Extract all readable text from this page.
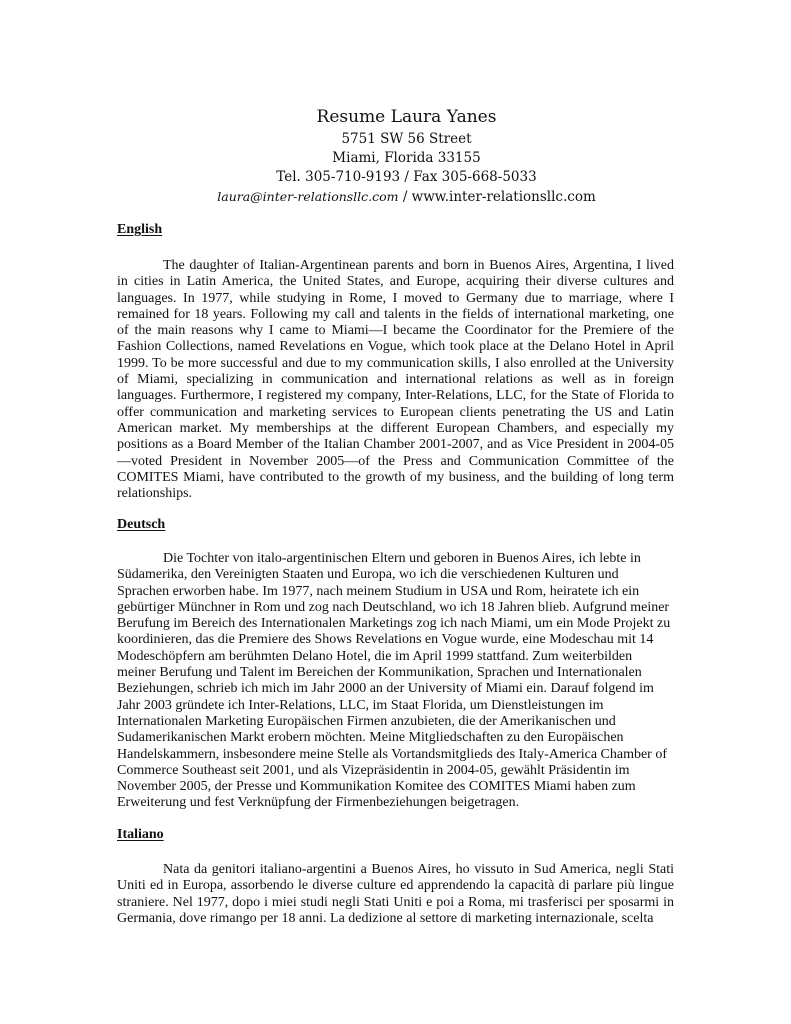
Resume Laura Yanes
5751 SW 56 Street
Miami, Florida 33155
Tel. 305-710-9193 / Fax 305-668-5033
laura@inter-relationsllc.com / www.inter-relationsllc.com
English

The daughter of Italian-Argentinean parents and born in Buenos Aires, Argentina, I lived in cities in Latin America, the United States, and Europe, acquiring their diverse cultures and languages. In 1977, while studying in Rome, I moved to Germany due to marriage, where I remained for 18 years. Following my call and talents in the fields of international marketing, one of the main reasons why I came to Miami—I became the Coordinator for the Premiere of the Fashion Collections, named Revelations en Vogue, which took place at the Delano Hotel in April 1999. To be more successful and due to my communication skills, I also enrolled at the University of Miami, specializing in communication and international relations as well as in foreign languages. Furthermore, I registered my company, Inter-Relations, LLC, for the State of Florida to offer communication and marketing services to European clients penetrating the US and Latin American market. My memberships at the different European Chambers, and especially my positions as a Board Member of the Italian Chamber 2001-2007, and as Vice President in 2004-05—voted President in November 2005—of the Press and Communication Committee of the COMITES Miami, have contributed to the growth of my business, and the building of long term relationships.

Deutsch

Die Tochter von italo-argentinischen Eltern und geboren in Buenos Aires, ich lebte in Südamerika, den Vereinigten Staaten und Europa, wo ich die verschiedenen Kulturen und Sprachen erworben habe. Im 1977, nach meinem Studium in USA und Rom, heiratete ich ein gebürtiger Münchner in Rom und zog nach Deutschland, wo ich 18 Jahren blieb. Aufgrund meiner Berufung im Bereich des Internationalen Marketings zog ich nach Miami, um ein Mode Projekt zu koordinieren, das die Premiere des Shows Revelations en Vogue wurde, eine Modeschau mit 14 Modeschöpfern am berühmten Delano Hotel, die im April 1999 stattfand. Zum weiterbilden meiner Berufung und Talent im Bereichen der Kommunikation, Sprachen und Internationalen Beziehungen, schrieb ich mich im Jahr 2000 an der University of Miami ein. Darauf folgend im Jahr 2003 gründete ich Inter-Relations, LLC, im Staat Florida, um Dienstleistungen im Internationalen Marketing Europäischen Firmen anzubieten, die der Amerikanischen und Sudamerikanischen Markt erobern möchten. Meine Mitgliedschaften zu den Europäischen Handelskammern, insbesondere meine Stelle als Vortandsmitglieds des Italy-America Chamber of Commerce Southeast seit 2001, und als Vizepräsidentin in 2004-05, gewählt Präsidentin im November 2005, der Presse und Kommunikation Komitee des COMITES Miami haben zum Erweiterung und fest Verknüpfung der Firmenbeziehungen beigetragen.

Italiano

Nata da genitori italiano-argentini a Buenos Aires, ho vissuto in Sud America, negli Stati Uniti ed in Europa, assorbendo le diverse culture ed apprendendo la capacità di parlare più lingue straniere. Nel 1977, dopo i miei studi negli Stati Uniti e poi a Roma, mi trasferisci per sposarmi in Germania, dove rimango per 18 anni. La dedizione al settore di marketing internazionale, scelta
